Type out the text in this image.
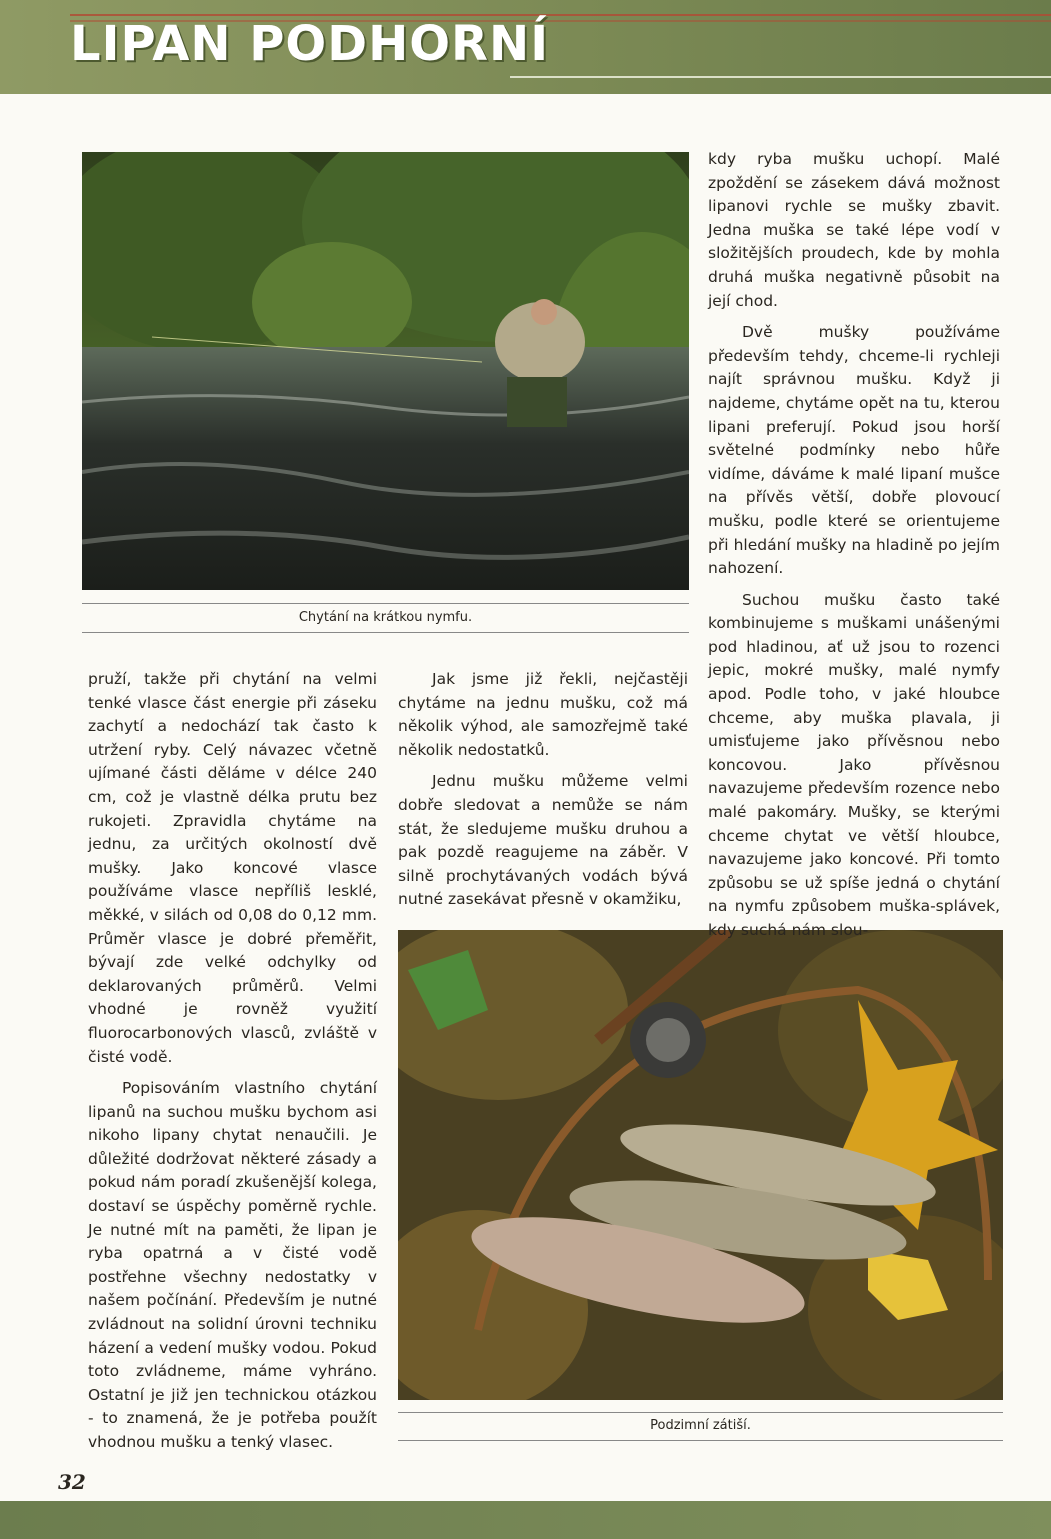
LIPAN PODHORNÍ
Chytání na krátkou nymfu.
Podzimní zátiší.

pruží, takže při chytání na velmi tenké vlasce část energie při záseku zachytí a nedochází tak často k utržení ryby. Celý návazec včetně ujímané části děláme v délce 240 cm, což je vlastně délka prutu bez rukojeti. Zpravidla chytáme na jednu, za určitých okolností dvě mušky. Jako koncové vlasce používáme vlasce nepříliš lesklé, měkké, v silách od 0,08 do 0,12 mm. Průměr vlasce je dobré přeměřit, bývají zde velké odchylky od deklarovaných průměrů. Velmi vhodné je rovněž využití fluorocarbonových vlasců, zvláště v čisté vodě.

Popisováním vlastního chytání lipanů na suchou mušku bychom asi nikoho lipany chytat nenaučili. Je důležité dodržovat některé zásady a pokud nám poradí zkušenější kolega, dostaví se úspěchy poměrně rychle. Je nutné mít na paměti, že lipan je ryba opatrná a v čisté vodě postřehne všechny nedostatky v našem počínání. Především je nutné zvládnout na solidní úrovni techniku házení a vedení mušky vodou. Pokud toto zvládneme, máme vyhráno. Ostatní je již jen technickou otázkou - to znamená, že je potřeba použít vhodnou mušku a tenký vlasec.

Jak jsme již řekli, nejčastěji chytáme na jednu mušku, což má několik výhod, ale samozřejmě také několik nedostatků.

Jednu mušku můžeme velmi dobře sledovat a nemůže se nám stát, že sledujeme mušku druhou a pak pozdě reagujeme na záběr. V silně prochytávaných vodách bývá nutné zasekávat přesně v okamžiku,

kdy ryba mušku uchopí. Malé zpoždění se zásekem dává možnost lipanovi rychle se mušky zbavit. Jedna muška se také lépe vodí v složitějších proudech, kde by mohla druhá muška negativně působit na její chod.

Dvě mušky používáme především tehdy, chceme-li rychleji najít správnou mušku. Když ji najdeme, chytáme opět na tu, kterou lipani preferují. Pokud jsou horší světelné podmínky nebo hůře vidíme, dáváme k malé lipaní mušce na přívěs větší, dobře plovoucí mušku, podle které se orientujeme při hledání mušky na hladině po jejím nahození.

Suchou mušku často také kombinujeme s muškami unášenými pod hladinou, ať už jsou to rozenci jepic, mokré mušky, malé nymfy apod. Podle toho, v jaké hloubce chceme, aby muška plavala, ji umisťujeme jako přívěsnou nebo koncovou. Jako přívěsnou navazujeme především rozence nebo malé pakomáry. Mušky, se kterými chceme chytat ve větší hloubce, navazujeme jako koncové. Při tomto způsobu se už spíše jedná o chytání na nymfu způsobem muška-splávek, kdy suchá nám slou-

32
